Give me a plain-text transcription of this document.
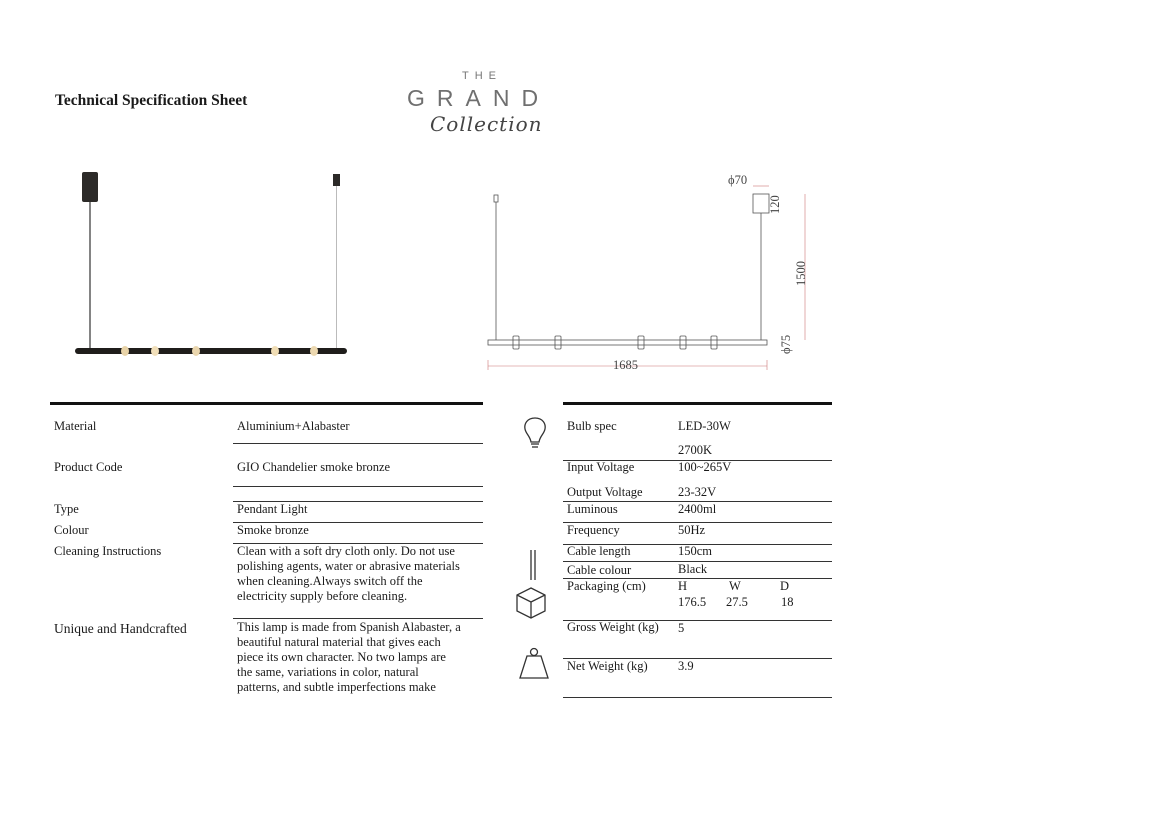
Technical Specification Sheet
THE
GRAND
Collection
ϕ70
120
1500
ϕ75
1685
Material	Aluminium+Alabaster
Product Code	GIO Chandelier smoke bronze
Type	Pendant Light
Colour	Smoke bronze
Cleaning Instructions	Clean with a soft dry cloth only. Do not use
polishing agents, water or abrasive materials
when cleaning.Always switch off the
electricity supply before cleaning.
Unique and Handcrafted	This lamp is made from Spanish Alabaster, a
beautiful natural material that gives each
piece its own character. No two lamps are
the same, variations in color, natural
patterns, and subtle imperfections make
Bulb spec	LED-30W
2700K
Input Voltage	100~265V
Output Voltage	23-32V
Luminous	2400ml
Frequency	50Hz
Cable length	150cm
Cable colour	Black
Packaging (cm)	H	W	D
176.5 27.5	18
Gross Weight (kg) 5
Net Weight (kg) 3.9
